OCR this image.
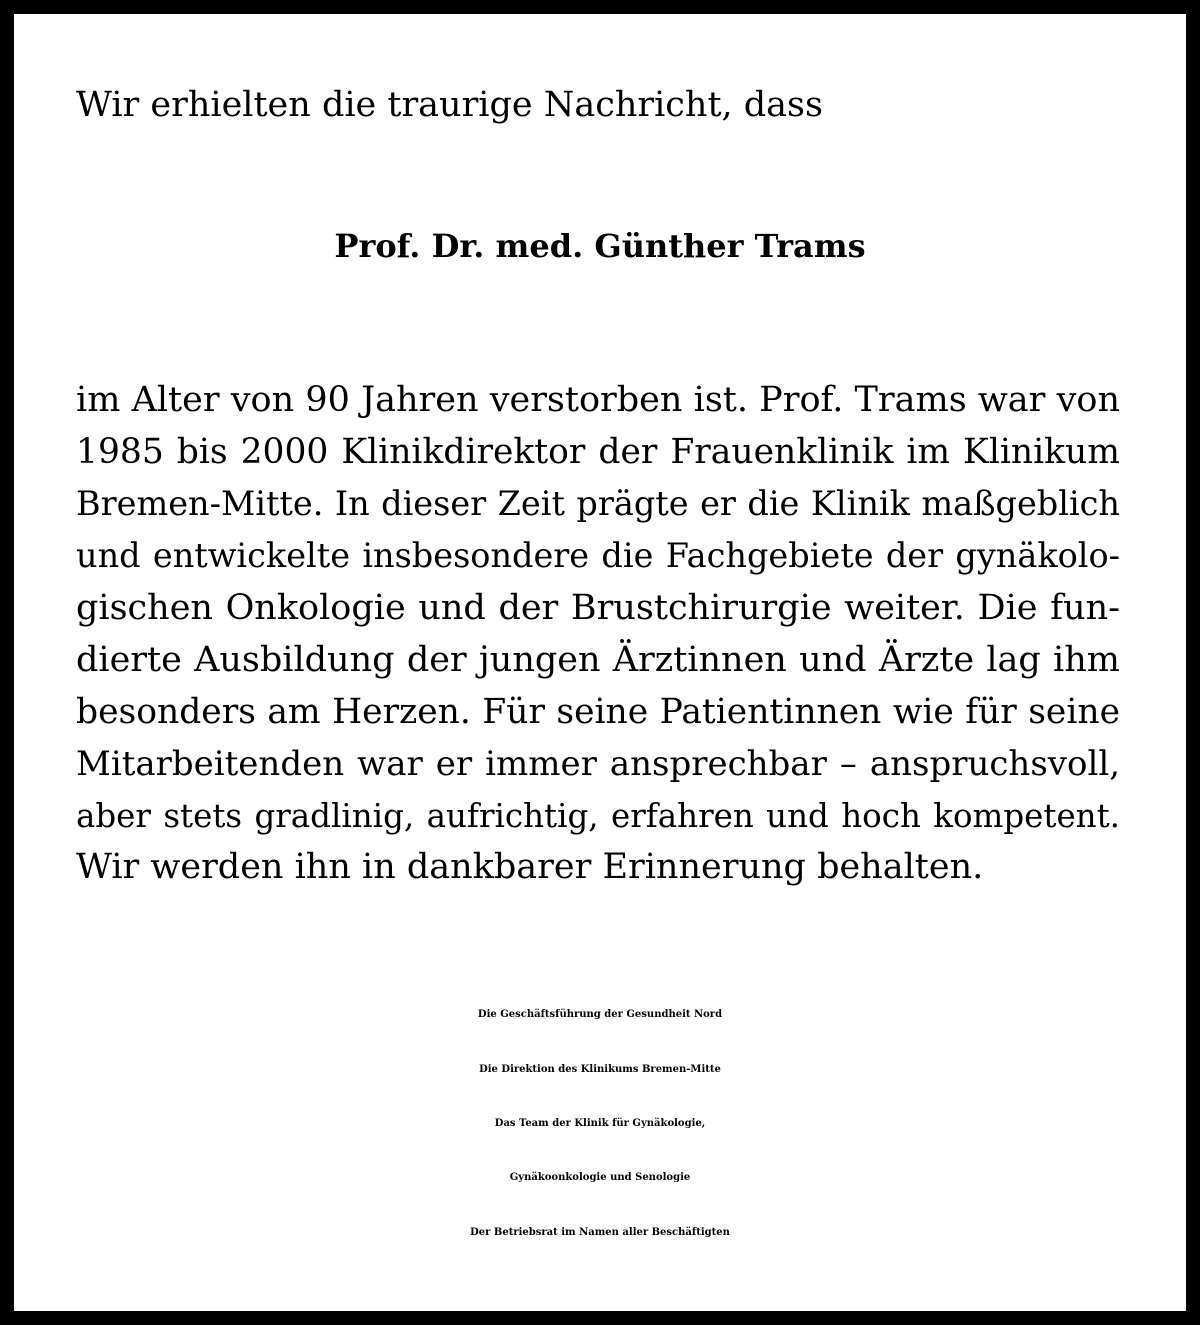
Wir erhielten die traurige Nachricht, dass

Prof. Dr. med. Günther Trams

im Alter von 90 Jahren verstorben ist. Prof. Trams war von
1985 bis 2000 Klinikdirektor der Frauenklinik im Klinikum
Bremen-Mitte. In dieser Zeit prägte er die Klinik maßgeblich
und entwickelte insbesondere die Fachgebiete der gynäkolo-
gischen Onkologie und der Brustchirurgie weiter. Die fun-
dierte Ausbildung der jungen Ärztinnen und Ärzte lag ihm
besonders am Herzen. Für seine Patientinnen wie für seine
Mitarbeitenden war er immer ansprechbar – anspruchsvoll,
aber stets gradlinig, aufrichtig, erfahren und hoch kompetent.

Wir werden ihn in dankbarer Erinnerung behalten.

Die Geschäftsführung der Gesundheit Nord
Die Direktion des Klinikums Bremen-Mitte
Das Team der Klinik für Gynäkologie,
Gynäkoonkologie und Senologie
Der Betriebsrat im Namen aller Beschäftigten
